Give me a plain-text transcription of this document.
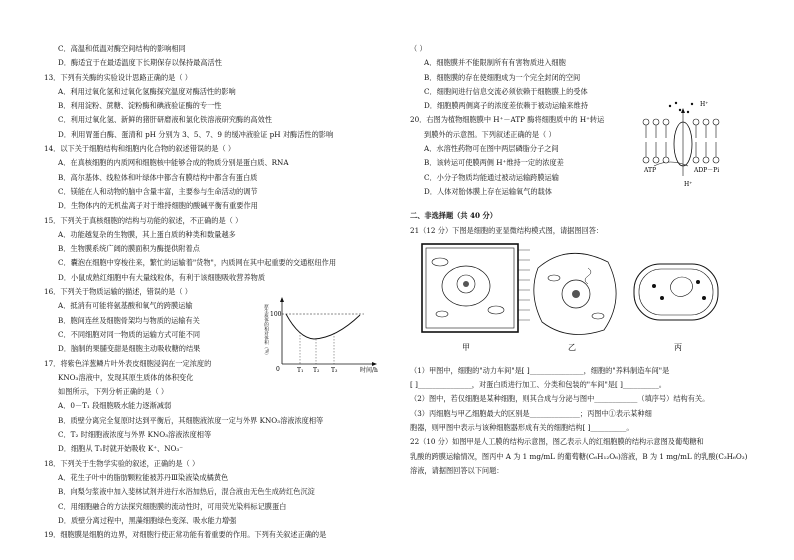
C．高温和低温对酶空间结构的影响相同
D．酶适宜于在最适温度下长期保存以保持最高活性
13．下列有关酶的实验设计思路正确的是（ ）
A．利用过氧化氢和过氧化氢酶探究温度对酶活性的影响
B．利用淀粉、蔗糖、淀粉酶和碘液验证酶的专一性
C．利用过氧化氢、新鲜的猪肝研磨液和氯化铁溶液研究酶的高效性
D．利用胃蛋白酶、蛋清和 pH 分别为 3、5、7、9 的缓冲液验证 pH 对酶活性的影响
14．以下关于细胞结构和细胞内化合物的叙述错误的是（ ）
A．在真核细胞的内质网和细胞核中能够合成的物质分别是蛋白质、RNA
B．高尔基体、线粒体和叶绿体中都含有膜结构中都含有蛋白质
C．镁能在人和动物的脑中含量丰富，主要参与生命活动的调节
D．生物体内的无机盐离子对于维持细胞的酸碱平衡有重要作用
15．下列关于真核细胞的结构与功能的叙述，不正确的是（ ）
A．功能越复杂的生物膜，其上蛋白质的种类和数量越多
B．生物膜系统广阔的膜面积为酶提供附着点
C．囊泡在细胞中穿梭往来，繁忙的运输着"货物"，内质网在其中起重要的交通枢纽作用
D．小鼠成熟红细胞中有大量线粒体，有利于该细胞吸收营养物质
16．下列关于物质运输的描述，错误的是（ ）
A．抵消有可能将氨基酸和氧气的跨膜运输
B．胞间连丝及细胞骨架均与物质的运输有关
C．不同细胞对同一物质的运输方式可能不同
D．脑制的果脯变甜是细胞主动吸收糖的结果
17．将紫色洋葱鳞片叶外表皮细胞浸润在一定浓度的
KNO₃溶液中，发现其原生质体的体积变化
如图所示，下列分析正确的是（ ）
A．0－T₁ 段细胞吸水能力逐渐减弱
B．质壁分离完全复原时达到平衡后，其细胞液浓度一定与外界 KNO₃溶液浓度相等
C．T₂ 时细胞液浓度与外界 KNO₃溶液浓度相等
D．细胞从 T₁时就开始吸收 K⁺、NO₃⁻
18．下列关于生物学实验的叙述，正确的是（ ）
A．花生子叶中的脂肪颗粒能被苏丹Ⅲ染液染成橘黄色
B．向梨匀浆液中加入斐林试剂并进行水浴加热后，混合液由无色生成砖红色沉淀
C．用细胞融合的方法探究细胞膜的流动性时，可用荧光染料标记膜蛋白
D．质壁分离过程中，黑藻细胞绿色变深、吸水能力增强
19．细胞膜是细胞的边界，对细胞行使正常功能有着重要的作用。下列有关叙述正确的是
100
0	T₁ T₂ T₃	时间/h
原生质体的相对体积（%）
（ ）
A．细胞膜并不能限制所有有害物质进入细胞
B．细胞膜的存在使细胞成为一个完全封闭的空间
C．细胞间进行信息交流必须依赖于细胞膜上的受体
D．细胞膜两侧离子的浓度差依赖于被动运输来维持
20．右图为植物细胞膜中 H⁺－ATP 酶将细胞质中的 H⁺转运
到膜外的示意图。下列叙述正确的是（ ）
A．水溶性药物可在图中两层磷脂分子之间
B．该转运可使膜两侧 H⁺维持一定的浓度差
C．小分子物质均能通过被动运输跨膜运输
D．人体对胎体膜上存在运输氧气的载体
二、非选择题（共 40 分）
21（12 分）下图是细胞的亚显微结构模式图，请据图回答：
（1）甲图中，细胞的"动力车间"是[ ]_______________，细胞的"养料制造车间"是
[ ]_______________，对蛋白质进行加工、分类和包装的"车间"是[ ]__________。
（2）图中，若仅细胞是某种细胞，则其合成与分泌与图中____________（填序号）结构有关。
（3）丙细胞与甲乙细胞最大的区别是______________；丙图中①表示某种细
胞器，则甲图中表示与该种细胞器形成有关的细胞结构[ ]__________。
22（10 分）如图甲是人工膜的结构示意图，图乙表示人的红细胞膜的结构示意图及葡萄糖和
乳酸的跨膜运输情况，图丙中 A 为 1 mg/mL 的葡萄糖(C₆H₁₂O₆)溶液，B 为 1 mg/mL 的乳酸(C₃H₆O₃)
溶液，请据图回答以下问题：
H⁺
H⁺
ATP	ADP－Pi
甲	乙	丙
